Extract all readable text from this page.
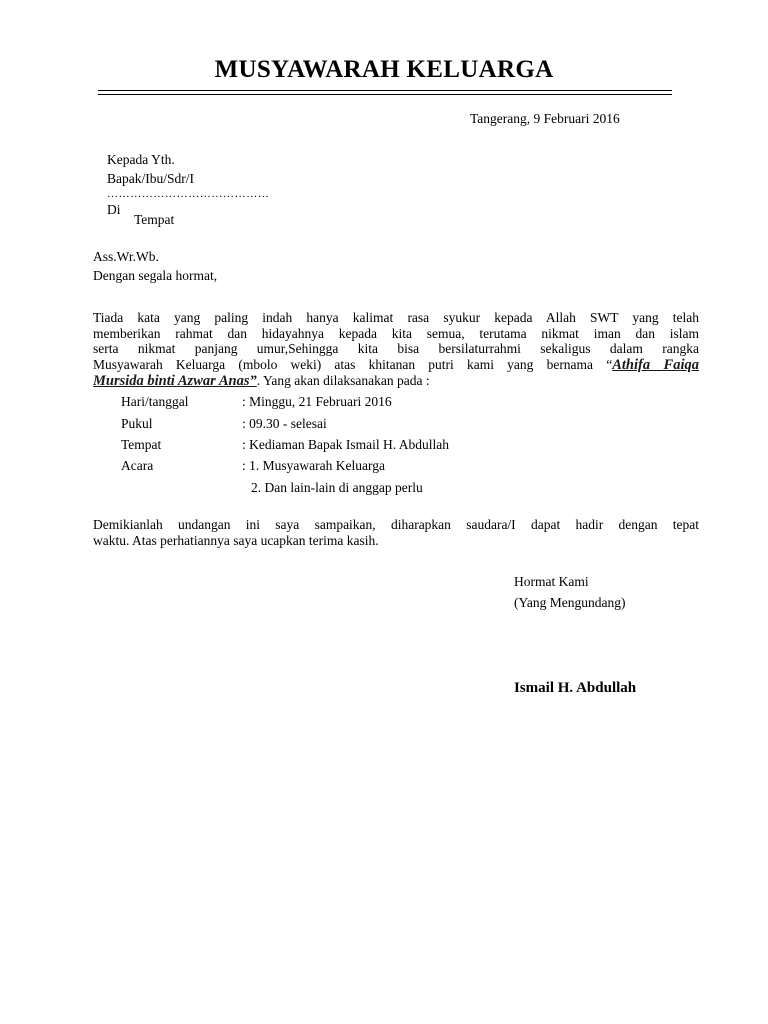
MUSYAWARAH KELUARGA
Tangerang, 9 Februari 2016
Kepada Yth.
Bapak/Ibu/Sdr/I
……………………………………
Di
Tempat
Ass.Wr.Wb.
Dengan segala hormat,
Tiada kata yang paling indah hanya kalimat rasa syukur kepada Allah SWT yang telah
memberikan rahmat dan hidayahnya kepada kita semua, terutama nikmat iman dan islam
serta nikmat panjang umur,Sehingga kita bisa bersilaturrahmi sekaligus dalam rangka
Musyawarah Keluarga (mbolo weki) atas khitanan putri kami yang bernama “Athifa Faiqa
Mursida binti Azwar Anas”. Yang akan dilaksanakan pada :
Hari/tanggal	: Minggu, 21 Februari 2016
Pukul	: 09.30 - selesai
Tempat	: Kediaman Bapak Ismail H. Abdullah
Acara	: 1. Musyawarah Keluarga
2. Dan lain-lain di anggap perlu
Demikianlah undangan ini saya sampaikan, diharapkan saudara/I dapat hadir dengan tepat
waktu. Atas perhatiannya saya ucapkan terima kasih.
Hormat Kami
(Yang Mengundang)
Ismail H. Abdullah
